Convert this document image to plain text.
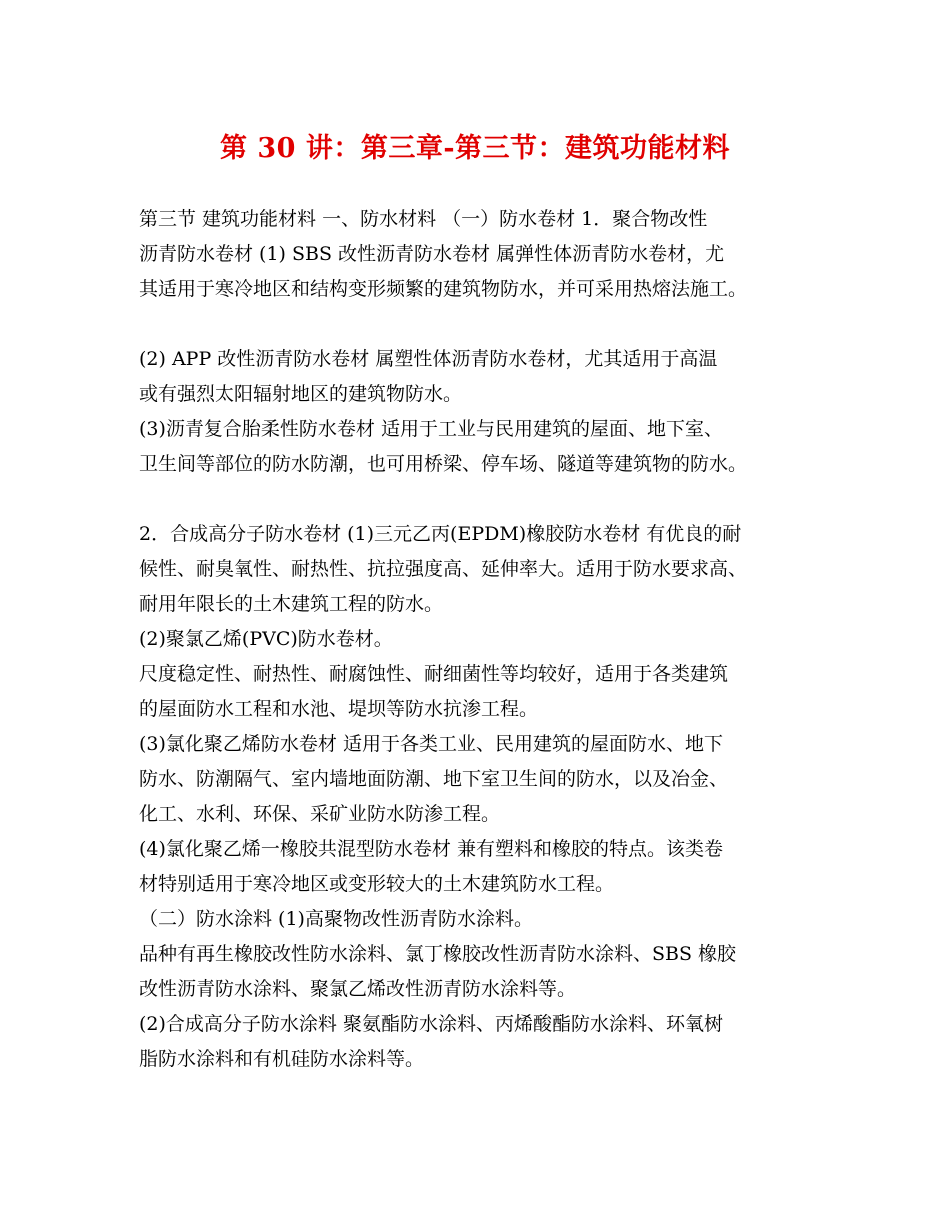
第 30 讲：第三章-第三节：建筑功能材料
第三节 建筑功能材料 一、防水材料 （一）防水卷材 1．聚合物改性
沥青防水卷材 (1) SBS 改性沥青防水卷材 属弹性体沥青防水卷材，尤
其适用于寒冷地区和结构变形频繁的建筑物防水，并可采用热熔法施工。
(2) APP 改性沥青防水卷材 属塑性体沥青防水卷材，尤其适用于高温
或有强烈太阳辐射地区的建筑物防水。
(3)沥青复合胎柔性防水卷材 适用于工业与民用建筑的屋面、地下室、
卫生间等部位的防水防潮，也可用桥梁、停车场、隧道等建筑物的防水。
2．合成高分子防水卷材 (1)三元乙丙(EPDM)橡胶防水卷材 有优良的耐
候性、耐臭氧性、耐热性、抗拉强度高、延伸率大。适用于防水要求高、
耐用年限长的土木建筑工程的防水。
(2)聚氯乙烯(PVC)防水卷材。
尺度稳定性、耐热性、耐腐蚀性、耐细菌性等均较好，适用于各类建筑
的屋面防水工程和水池、堤坝等防水抗渗工程。
(3)氯化聚乙烯防水卷材 适用于各类工业、民用建筑的屋面防水、地下
防水、防潮隔气、室内墙地面防潮、地下室卫生间的防水，以及冶金、
化工、水利、环保、采矿业防水防渗工程。
(4)氯化聚乙烯一橡胶共混型防水卷材 兼有塑料和橡胶的特点。该类卷
材特别适用于寒冷地区或变形较大的土木建筑防水工程。
（二）防水涂料 (1)高聚物改性沥青防水涂料。
品种有再生橡胶改性防水涂料、氯丁橡胶改性沥青防水涂料、SBS 橡胶
改性沥青防水涂料、聚氯乙烯改性沥青防水涂料等。
(2)合成高分子防水涂料 聚氨酯防水涂料、丙烯酸酯防水涂料、环氧树
脂防水涂料和有机硅防水涂料等。
